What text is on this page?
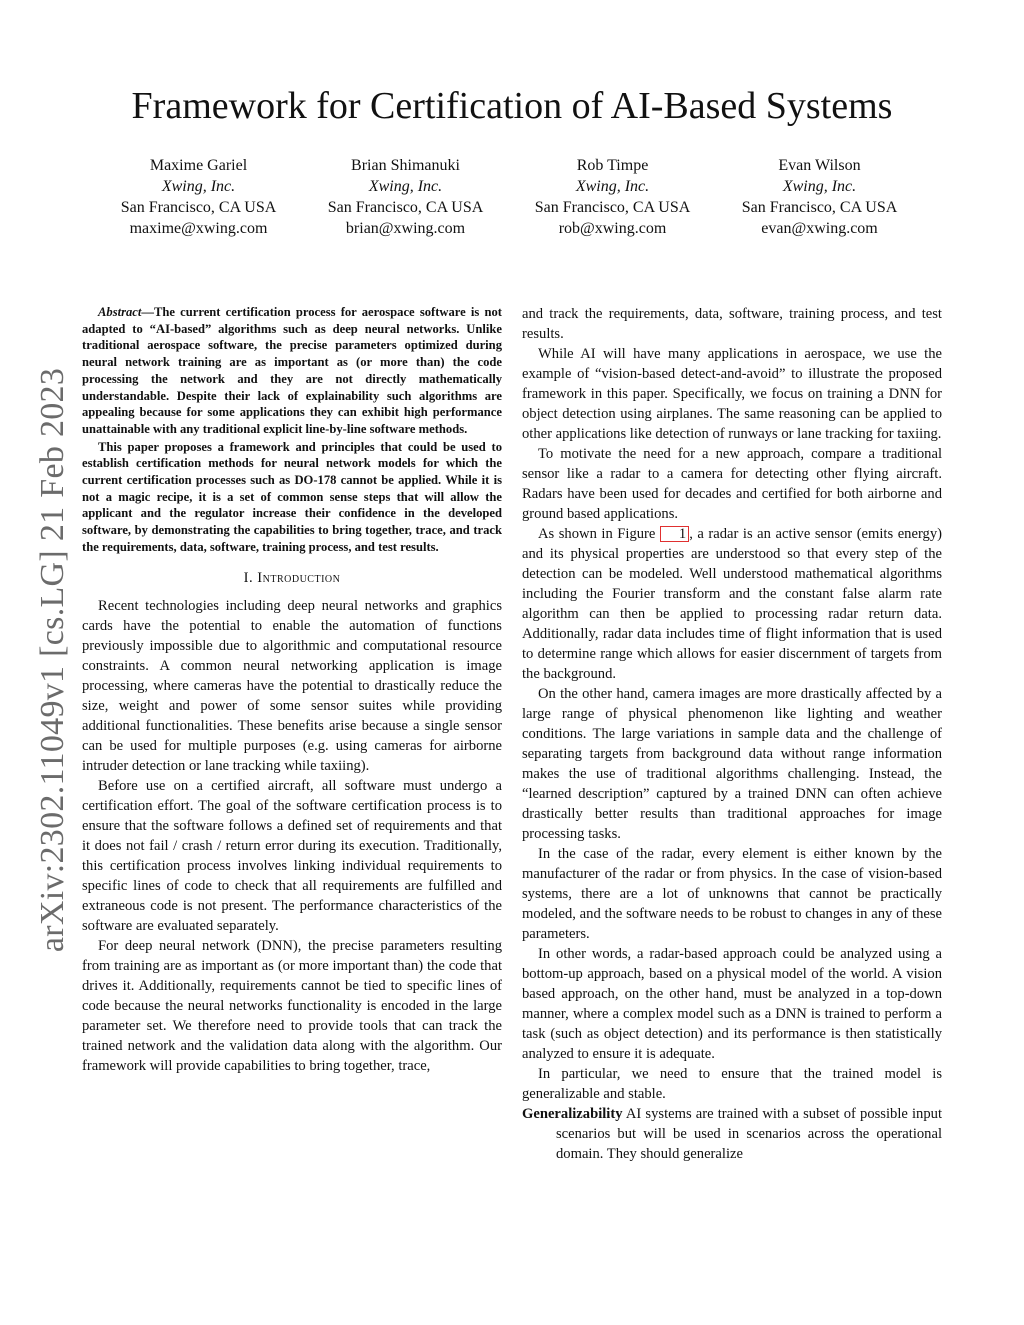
arXiv:2302.11049v1 [cs.LG] 21 Feb 2023
Framework for Certification of AI-Based Systems
Maxime Gariel
Xwing, Inc.
San Francisco, CA USA
maxime@xwing.com
Brian Shimanuki
Xwing, Inc.
San Francisco, CA USA
brian@xwing.com
Rob Timpe
Xwing, Inc.
San Francisco, CA USA
rob@xwing.com
Evan Wilson
Xwing, Inc.
San Francisco, CA USA
evan@xwing.com

Abstract—The current certification process for aerospace software is not adapted to “AI-based” algorithms such as deep neural networks. Unlike traditional aerospace software, the precise parameters optimized during neural network training are as important as (or more than) the code processing the network and they are not directly mathematically understandable. Despite their lack of explainability such algorithms are appealing because for some applications they can exhibit high performance unattainable with any traditional explicit line-by-line software methods.

This paper proposes a framework and principles that could be used to establish certification methods for neural network models for which the current certification processes such as DO-178 cannot be applied. While it is not a magic recipe, it is a set of common sense steps that will allow the applicant and the regulator increase their confidence in the developed software, by demonstrating the capabilities to bring together, trace, and track the requirements, data, software, training process, and test results.

I. Introduction

Recent technologies including deep neural networks and graphics cards have the potential to enable the automation of functions previously impossible due to algorithmic and computational resource constraints. A common neural networking application is image processing, where cameras have the potential to drastically reduce the size, weight and power of some sensor suites while providing additional functionalities. These benefits arise because a single sensor can be used for multiple purposes (e.g. using cameras for airborne intruder detection or lane tracking while taxiing).

Before use on a certified aircraft, all software must undergo a certification effort. The goal of the software certification process is to ensure that the software follows a defined set of requirements and that it does not fail / crash / return error during its execution. Traditionally, this certification process involves linking individual requirements to specific lines of code to check that all requirements are fulfilled and extraneous code is not present. The performance characteristics of the software are evaluated separately.

For deep neural network (DNN), the precise parameters resulting from training are as important as (or more important than) the code that drives it. Additionally, requirements cannot be tied to specific lines of code because the neural networks functionality is encoded in the large parameter set. We therefore need to provide tools that can track the trained network and the validation data along with the algorithm. Our framework will provide capabilities to bring together, trace,

and track the requirements, data, software, training process, and test results.

While AI will have many applications in aerospace, we use the example of “vision-based detect-and-avoid” to illustrate the proposed framework in this paper. Specifically, we focus on training a DNN for object detection using airplanes. The same reasoning can be applied to other applications like detection of runways or lane tracking for taxiing.

To motivate the need for a new approach, compare a traditional sensor like a radar to a camera for detecting other flying aircraft. Radars have been used for decades and certified for both airborne and ground based applications.

As shown in Figure 1 , a radar is an active sensor (emits energy) and its physical properties are understood so that every step of the detection can be modeled. Well understood mathematical algorithms including the Fourier transform and the constant false alarm rate algorithm can then be applied to processing radar return data. Additionally, radar data includes time of flight information that is used to determine range which allows for easier discernment of targets from the background.

On the other hand, camera images are more drastically affected by a large range of physical phenomenon like lighting and weather conditions. The large variations in sample data and the challenge of separating targets from background data without range information makes the use of traditional algorithms challenging. Instead, the “learned description” captured by a trained DNN can often achieve drastically better results than traditional approaches for image processing tasks.

In the case of the radar, every element is either known by the manufacturer of the radar or from physics. In the case of vision-based systems, there are a lot of unknowns that cannot be practically modeled, and the software needs to be robust to changes in any of these parameters.

In other words, a radar-based approach could be analyzed using a bottom-up approach, based on a physical model of the world. A vision based approach, on the other hand, must be analyzed in a top-down manner, where a complex model such as a DNN is trained to perform a task (such as object detection) and its performance is then statistically analyzed to ensure it is adequate.

In particular, we need to ensure that the trained model is generalizable and stable.

Generalizability AI systems are trained with a subset of possible input scenarios but will be used in scenarios across the operational domain. They should generalize
